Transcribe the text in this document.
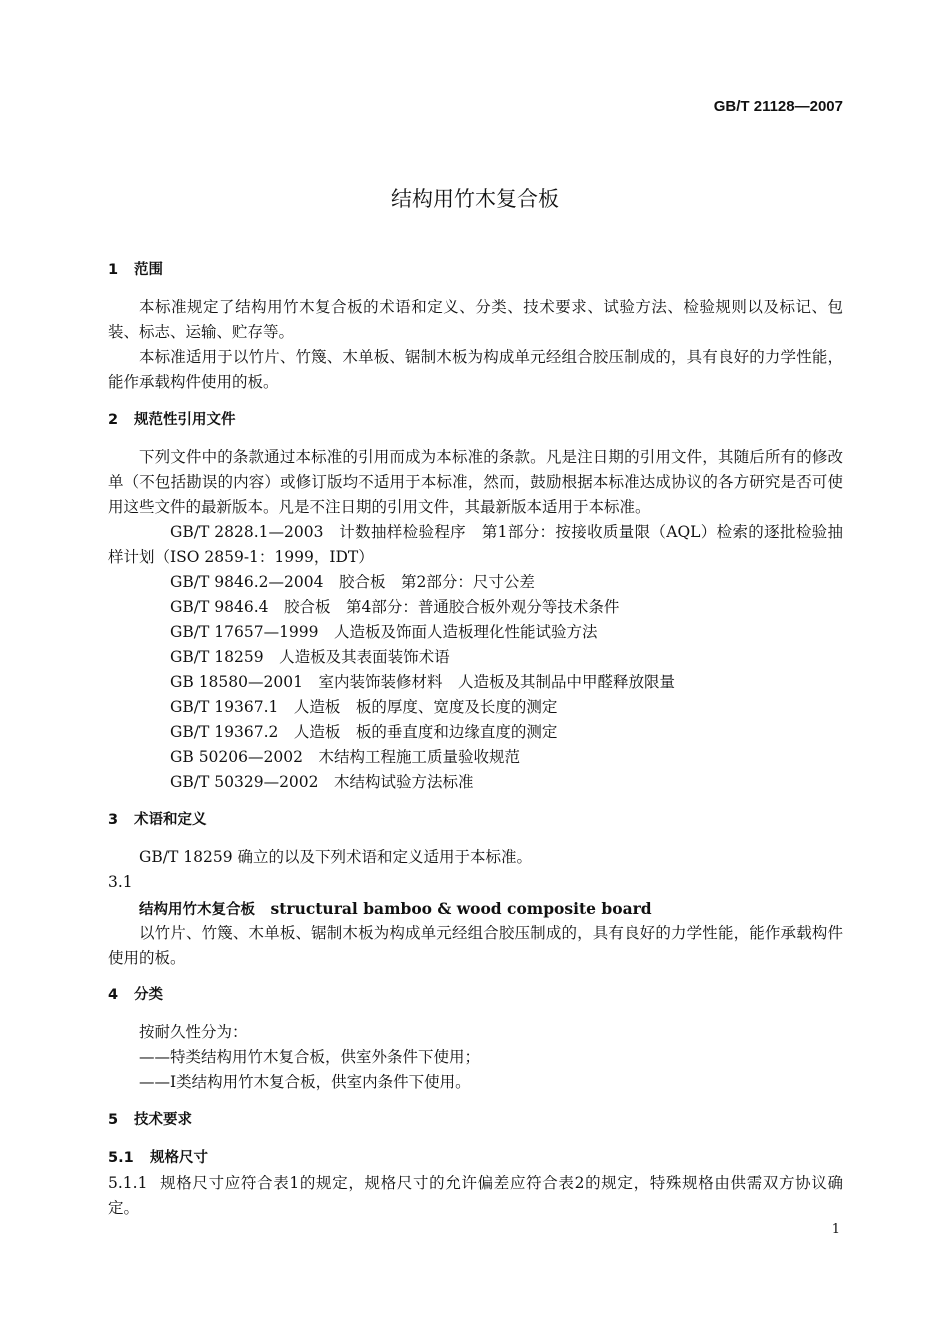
GB/T 21128—2007
结构用竹木复合板
1 范围
本标准规定了结构用竹木复合板的术语和定义、分类、技术要求、试验方法、检验规则以及标记、包装、标志、运输、贮存等。
本标准适用于以竹片、竹篾、木单板、锯制木板为构成单元经组合胶压制成的，具有良好的力学性能，能作承载构件使用的板。
2 规范性引用文件
下列文件中的条款通过本标准的引用而成为本标准的条款。凡是注日期的引用文件，其随后所有的修改单（不包括勘误的内容）或修订版均不适用于本标准，然而，鼓励根据本标准达成协议的各方研究是否可使用这些文件的最新版本。凡是不注日期的引用文件，其最新版本适用于本标准。
GB/T 2828.1—2003 计数抽样检验程序　第1部分：按接收质量限（AQL）检索的逐批检验抽样计划（ISO 2859-1：1999，IDT）
GB/T 9846.2—2004 胶合板　第2部分：尺寸公差
GB/T 9846.4 胶合板　第4部分：普通胶合板外观分等技术条件
GB/T 17657—1999 人造板及饰面人造板理化性能试验方法
GB/T 18259 人造板及其表面装饰术语
GB 18580—2001 室内装饰装修材料　人造板及其制品中甲醛释放限量
GB/T 19367.1 人造板　板的厚度、宽度及长度的测定
GB/T 19367.2 人造板　板的垂直度和边缘直度的测定
GB 50206—2002 木结构工程施工质量验收规范
GB/T 50329—2002 木结构试验方法标准
3 术语和定义
GB/T 18259 确立的以及下列术语和定义适用于本标准。
3.1
结构用竹木复合板　 structural bamboo & wood composite board
以竹片、竹篾、木单板、锯制木板为构成单元经组合胶压制成的，具有良好的力学性能，能作承载构件使用的板。
4 分类
按耐久性分为：
——特类结构用竹木复合板，供室外条件下使用；
——Ⅰ类结构用竹木复合板，供室内条件下使用。
5 技术要求
5.1 规格尺寸
5.1.1 规格尺寸应符合表1的规定，规格尺寸的允许偏差应符合表2的规定，特殊规格由供需双方协议确定。
1
